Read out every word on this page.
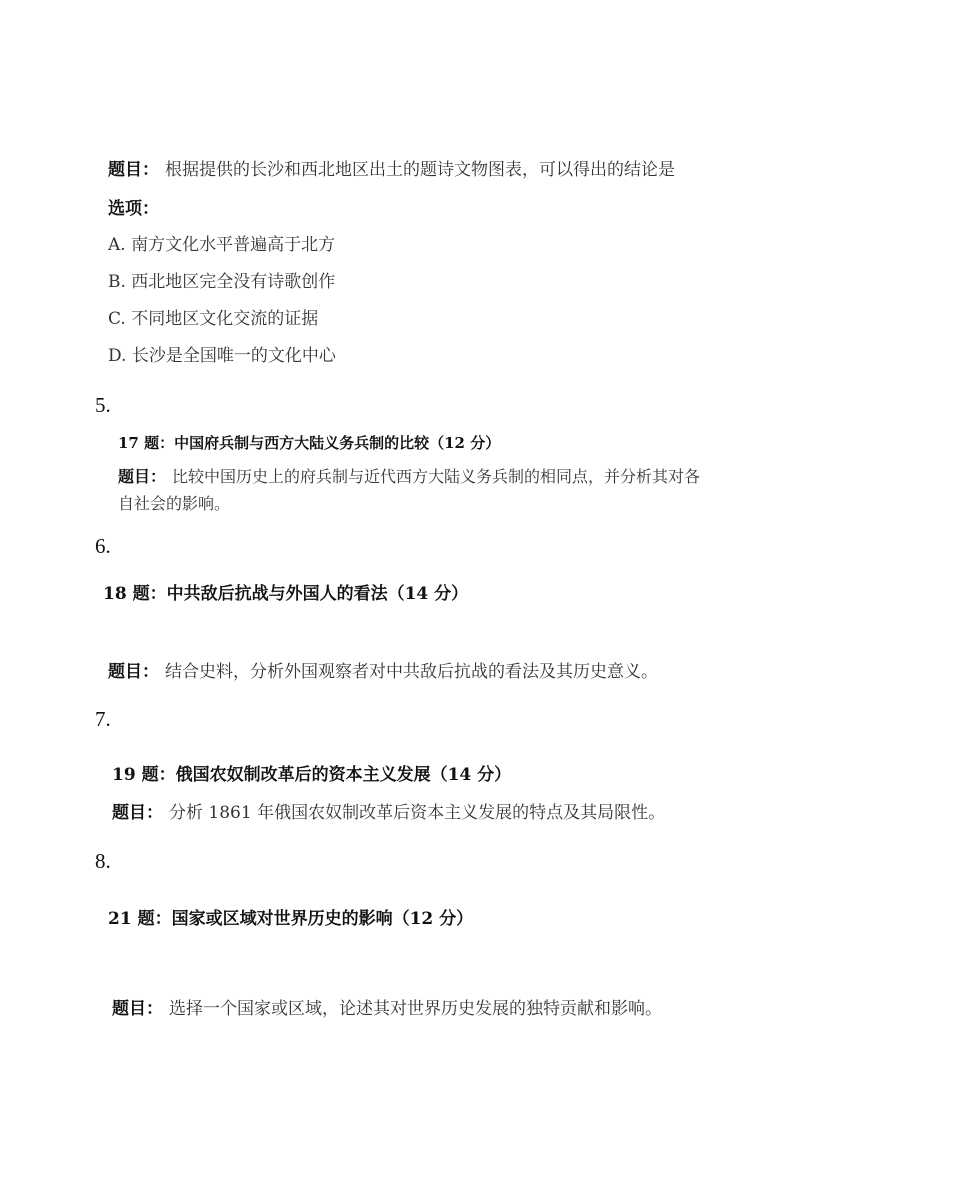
题目： 根据提供的长沙和西北地区出土的题诗文物图表，可以得出的结论是
选项：
A. 南方文化水平普遍高于北方
B. 西北地区完全没有诗歌创作
C. 不同地区文化交流的证据
D. 长沙是全国唯一的文化中心
5.
17 题：中国府兵制与西方大陆义务兵制的比较（12 分）
题目： 比较中国历史上的府兵制与近代西方大陆义务兵制的相同点，并分析其对各
自社会的影响。
6.
18 题：中共敌后抗战与外国人的看法（14 分）
题目： 结合史料，分析外国观察者对中共敌后抗战的看法及其历史意义。
7.
19 题：俄国农奴制改革后的资本主义发展（14 分）
题目： 分析 1861 年俄国农奴制改革后资本主义发展的特点及其局限性。
8.
21 题：国家或区域对世界历史的影响（12 分）
题目： 选择一个国家或区域，论述其对世界历史发展的独特贡献和影响。
